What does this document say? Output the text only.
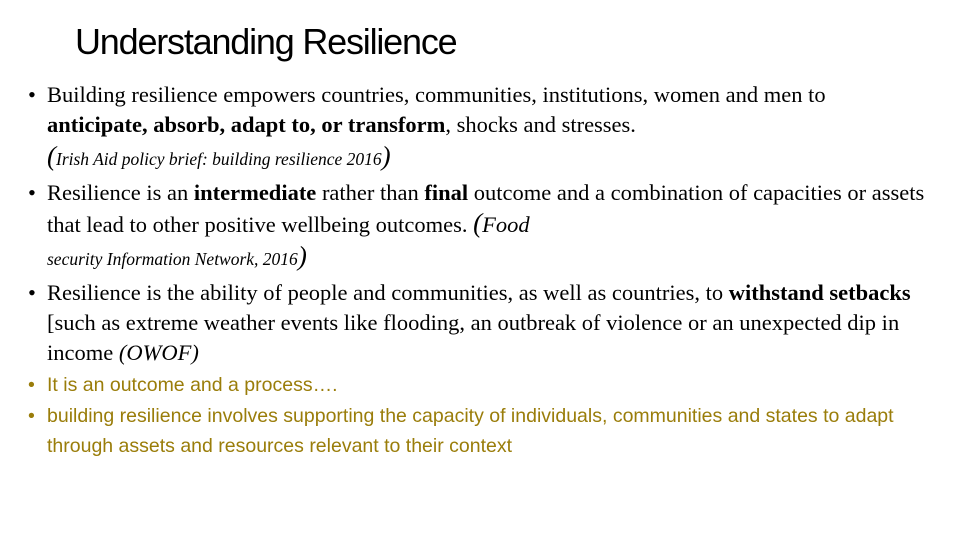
Understanding Resilience
• Building resilience empowers countries, communities, institutions, women and men to anticipate, absorb, adapt to, or transform, shocks and stresses.
(Irish Aid policy brief: building resilience 2016)
• Resilience is an intermediate rather than final outcome and a combination of capacities or assets that lead to other positive wellbeing outcomes. (Food
security Information Network, 2016)
• Resilience is the ability of people and communities, as well as countries, to withstand setbacks [such as extreme weather events like flooding, an outbreak of violence or an unexpected dip in income (OWOF)
• It is an outcome and a process….
• building resilience involves supporting the capacity of individuals, communities and states to adapt through assets and resources relevant to their context
